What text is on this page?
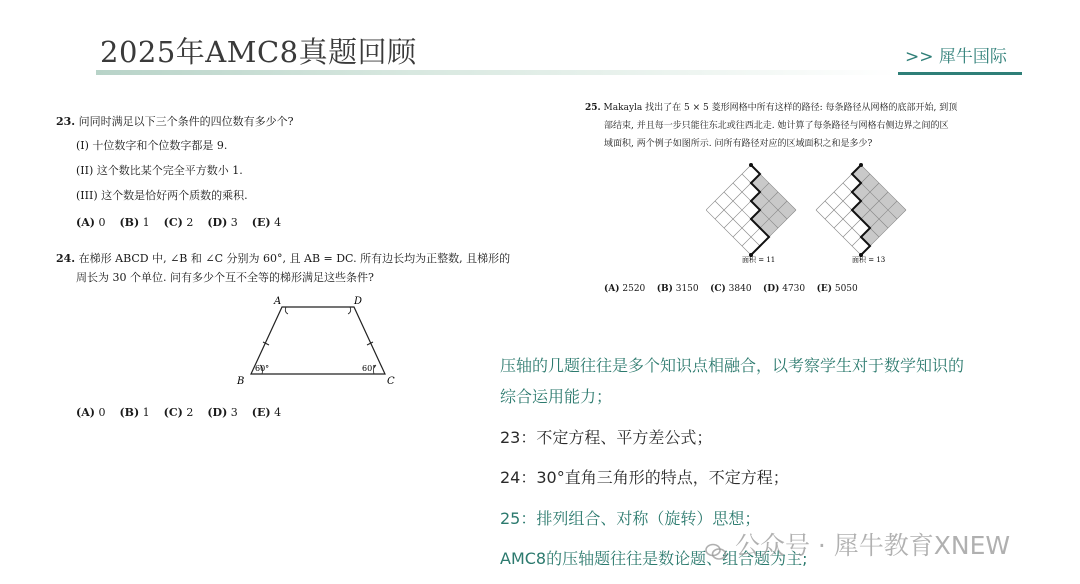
2025年AMC8真题回顾	>> 犀牛国际
23. 问同时满足以下三个条件的四位数有多少个?
(I) 十位数字和个位数字都是 9.
(II) 这个数比某个完全平方数小 1.
(III) 这个数是恰好两个质数的乘积.
(A) 0 (B) 1 (C) 2 (D) 3 (E) 4
24. 在梯形 ABCD 中, ∠B 和 ∠C 分别为 60°, 且 AB = DC. 所有边长均为正整数, 且梯形的
周长为 30 个单位. 问有多少个互不全等的梯形满足这些条件?
A	D
B	C
60°	60°
(A) 0 (B) 1 (C) 2 (D) 3 (E) 4
25. Makayla 找出了在 5 × 5 菱形网格中所有这样的路径: 每条路径从网格的底部开始, 到顶
部结束, 并且每一步只能往东北或往西北走. 她计算了每条路径与网格右侧边界之间的区
域面积, 两个例子如图所示. 问所有路径对应的区域面积之和是多少?
面积 = 11	面积 = 13
(A) 2520 (B) 3150 (C) 3840 (D) 4730 (E) 5050
压轴的几题往往是多个知识点相融合，以考察学生对于数学知识的
综合运用能力；
23：不定方程、平方差公式；
24：30°直角三角形的特点，不定方程；
25：排列组合、对称（旋转）思想；
AMC8的压轴题往往是数论题、组合题为主;
公众号 · 犀牛教育XNEW
